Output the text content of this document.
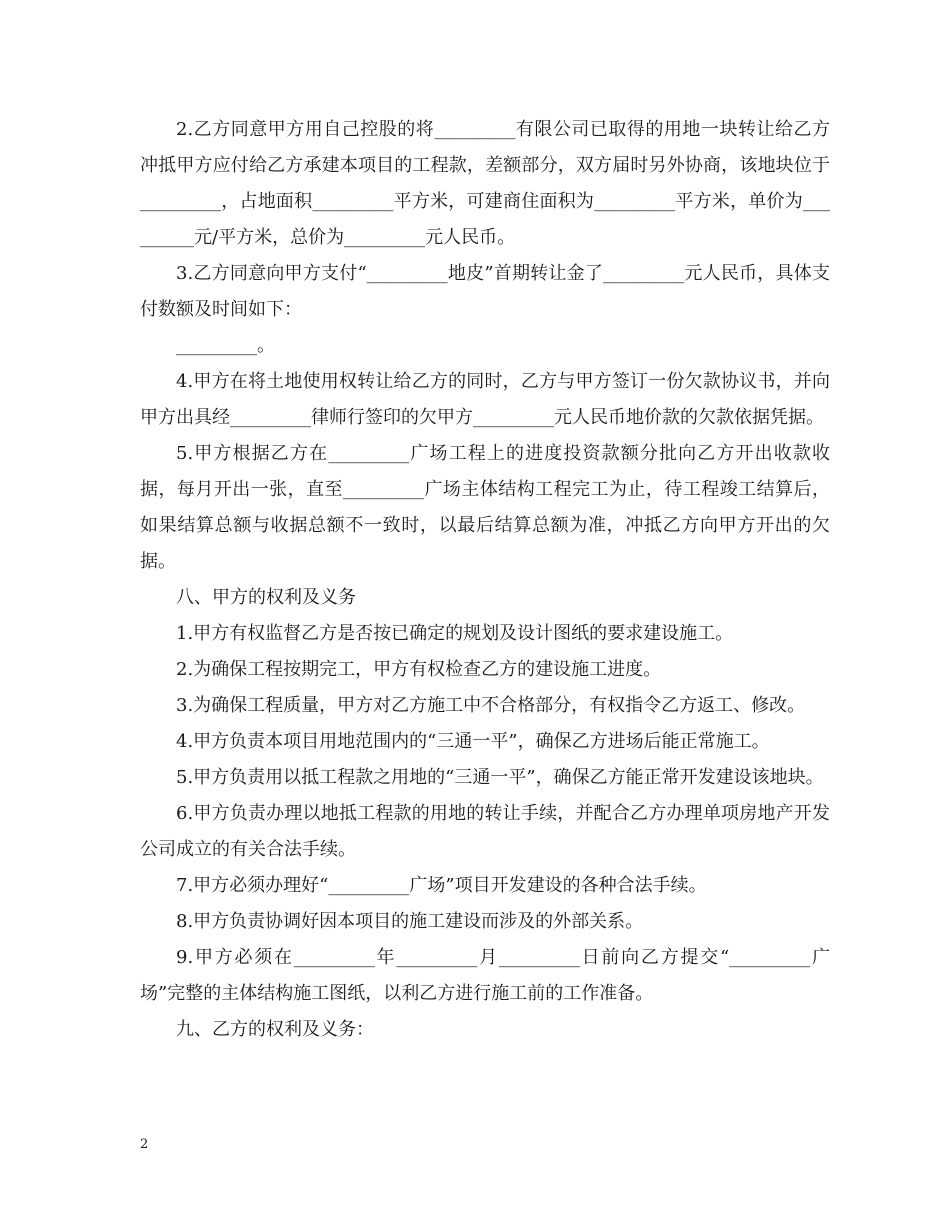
2.乙方同意甲方用自己控股的将_________有限公司已取得的用地一块转让给乙方冲抵甲方应付给乙方承建本项目的工程款，差额部分，双方届时另外协商，该地块位于_________，占地面积_________平方米，可建商住面积为_________平方米，单价为_________元/平方米，总价为_________元人民币。

3.乙方同意向甲方支付“_________地皮”首期转让金了_________元人民币，具体支付数额及时间如下：

_________。

4.甲方在将土地使用权转让给乙方的同时，乙方与甲方签订一份欠款协议书，并向甲方出具经_________律师行签印的欠甲方_________元人民币地价款的欠款依据凭据。

5.甲方根据乙方在_________广场工程上的进度投资款额分批向乙方开出收款收据，每月开出一张，直至_________广场主体结构工程完工为止，待工程竣工结算后，如果结算总额与收据总额不一致时，以最后结算总额为准，冲抵乙方向甲方开出的欠据。

八、甲方的权利及义务

1.甲方有权监督乙方是否按已确定的规划及设计图纸的要求建设施工。

2.为确保工程按期完工，甲方有权检查乙方的建设施工进度。

3.为确保工程质量，甲方对乙方施工中不合格部分，有权指令乙方返工、修改。

4.甲方负责本项目用地范围内的“三通一平”，确保乙方进场后能正常施工。

5.甲方负责用以抵工程款之用地的“三通一平”，确保乙方能正常开发建设该地块。

6.甲方负责办理以地抵工程款的用地的转让手续，并配合乙方办理单项房地产开发公司成立的有关合法手续。

7.甲方必须办理好“_________广场”项目开发建设的各种合法手续。

8.甲方负责协调好因本项目的施工建设而涉及的外部关系。

9.甲方必须在_________年_________月_________日前向乙方提交“_________广场”完整的主体结构施工图纸，以利乙方进行施工前的工作准备。

九、乙方的权利及义务：

2
